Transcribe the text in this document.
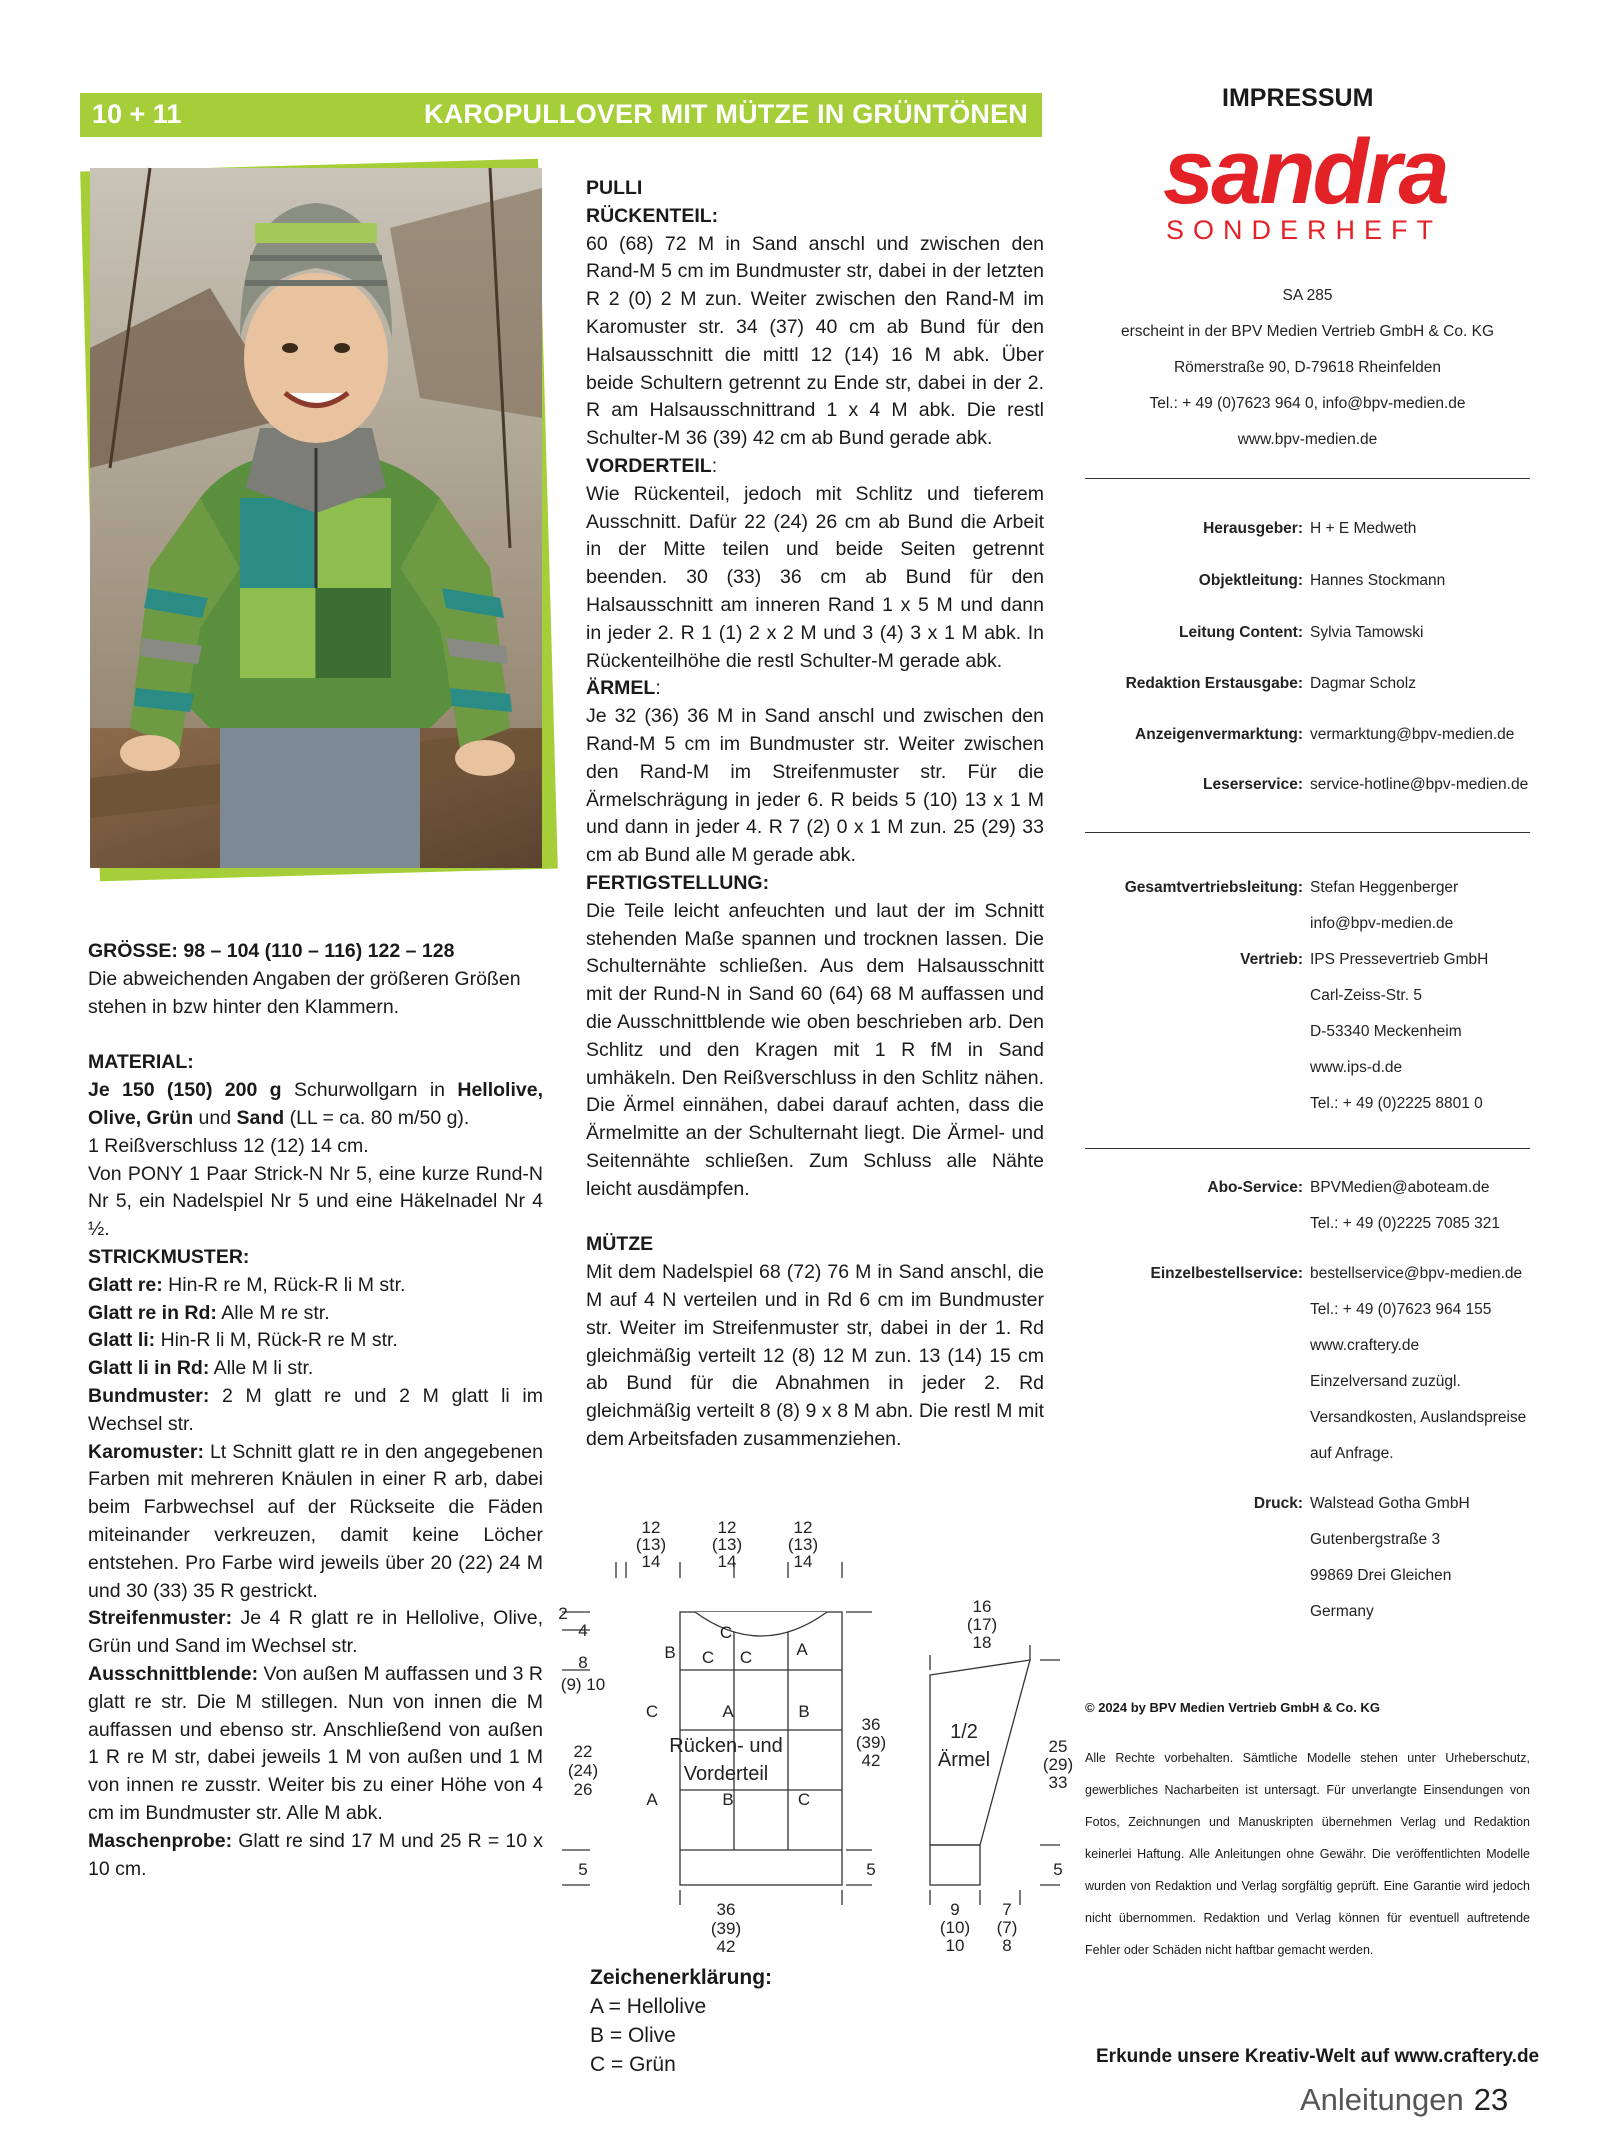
10 + 11	KAROPULLOVER MIT MÜTZE IN GRÜNTÖNEN

GRÖSSE: 98 – 104 (110 – 116) 122 – 128

Die abweichenden Angaben der größeren Größen stehen in bzw hinter den Klammern.

MATERIAL:

Je 150 (150) 200 g Schurwollgarn in Hellolive, Olive, Grün und Sand (LL = ca. 80 m/50 g).

1 Reißverschluss 12 (12) 14 cm.

Von PONY 1 Paar Strick-N Nr 5, eine kurze Rund-N Nr 5, ein Nadelspiel Nr 5 und eine Häkelnadel Nr 4 ½.

STRICKMUSTER:

Glatt re: Hin-R re M, Rück-R li M str.

Glatt re in Rd: Alle M re str.

Glatt li: Hin-R li M, Rück-R re M str.

Glatt li in Rd: Alle M li str.

Bundmuster: 2 M glatt re und 2 M glatt li im Wechsel str.

Karomuster: Lt Schnitt glatt re in den angegebenen Farben mit mehreren Knäulen in einer R arb, dabei beim Farbwechsel auf der Rückseite die Fäden miteinander verkreuzen, damit keine Löcher entstehen. Pro Farbe wird jeweils über 20 (22) 24 M und 30 (33) 35 R gestrickt.

Streifenmuster: Je 4 R glatt re in Hellolive, Olive, Grün und Sand im Wechsel str.

Ausschnittblende: Von außen M auffassen und 3 R glatt re str. Die M stillegen. Nun von innen die M auffassen und ebenso str. Anschließend von außen 1 R re M str, dabei jeweils 1 M von außen und 1 M von innen re zusstr. Weiter bis zu einer Höhe von 4 cm im Bundmuster str. Alle M abk.

Maschenprobe: Glatt re sind 17 M und 25 R = 10 x 10 cm.

PULLI

RÜCKENTEIL:

60 (68) 72 M in Sand anschl und zwischen den Rand-M 5 cm im Bundmuster str, dabei in der letzten R 2 (0) 2 M zun. Weiter zwischen den Rand-M im Karomuster str. 34 (37) 40 cm ab Bund für den Halsausschnitt die mittl 12 (14) 16 M abk. Über beide Schultern getrennt zu Ende str, dabei in der 2. R am Halsausschnittrand 1 x 4 M abk. Die restl Schulter-M 36 (39) 42 cm ab Bund gerade abk.

VORDERTEIL:

Wie Rückenteil, jedoch mit Schlitz und tieferem Ausschnitt. Dafür 22 (24) 26 cm ab Bund die Arbeit in der Mitte teilen und beide Seiten getrennt beenden. 30 (33) 36 cm ab Bund für den Halsausschnitt am inneren Rand 1 x 5 M und dann in jeder 2. R 1 (1) 2 x 2 M und 3 (4) 3 x 1 M abk. In Rückenteilhöhe die restl Schulter-M gerade abk.

ÄRMEL:

Je 32 (36) 36 M in Sand anschl und zwischen den Rand-M 5 cm im Bundmuster str. Weiter zwischen den Rand-M im Streifenmuster str. Für die Ärmelschrägung in jeder 6. R beids 5 (10) 13 x 1 M und dann in jeder 4. R 7 (2) 0 x 1 M zun. 25 (29) 33 cm ab Bund alle M gerade abk.

FERTIGSTELLUNG:

Die Teile leicht anfeuchten und laut der im Schnitt stehenden Maße spannen und trocknen lassen. Die Schulternähte schließen. Aus dem Halsausschnitt mit der Rund-N in Sand 60 (64) 68 M auffassen und die Ausschnittblende wie oben beschrieben arb. Den Schlitz und den Kragen mit 1 R fM in Sand umhäkeln. Den Reißverschluss in den Schlitz nähen. Die Ärmel einnähen, dabei darauf achten, dass die Ärmelmitte an der Schulternaht liegt. Die Ärmel- und Seitennähte schließen. Zum Schluss alle Nähte leicht ausdämpfen.

MÜTZE

Mit dem Nadelspiel 68 (72) 76 M in Sand anschl, die M auf 4 N verteilen und in Rd 6 cm im Bundmuster str. Weiter im Streifenmuster str, dabei in der 1. Rd gleichmäßig verteilt 12 (8) 12 M zun. 13 (14) 15 cm ab Bund für die Abnahmen in jeder 2. Rd gleichmäßig verteilt 8 (8) 9 x 8 M abn. Die restl M mit dem Arbeitsfaden zusammenziehen.

12
(13)
14
12
(13)
14
12
(13)
14
2
4
8
(9) 10
22
(24)
26
5
36
(39)
42
5
36
(39)
42
B
C
C C	A
C	A	B
A	B	C
Rücken- und
Vorderteil
16
(17)
18
1/2
Ärmel
25
(29)
33
5
9
(10)
10
7
(7)
8
Zeichenerklärung:
A = Hellolive
B = Olive
C = Grün
IMPRESSUM
sandra
SONDERHEFT
SA 285
erscheint in der BPV Medien Vertrieb GmbH & Co. KG
Römerstraße 90, D-79618 Rheinfelden
Tel.: + 49 (0)7623 964 0, info@bpv-medien.de
www.bpv-medien.de
Herausgeber: H + E Medweth
Objektleitung: Hannes Stockmann
Leitung Content: Sylvia Tamowski
Redaktion Erstausgabe: Dagmar Scholz
Anzeigenvermarktung: vermarktung@bpv-medien.de
Leserservice: service-hotline@bpv-medien.de
Gesamtvertriebsleitung: Stefan Heggenberger
info@bpv-medien.de
Vertrieb: IPS Pressevertrieb GmbH
Carl-Zeiss-Str. 5
D-53340 Meckenheim
www.ips-d.de
Tel.: + 49 (0)2225 8801 0
Abo-Service: BPVMedien@aboteam.de
Tel.: + 49 (0)2225 7085 321
Einzelbestellservice: bestellservice@bpv-medien.de
Tel.: + 49 (0)7623 964 155
www.craftery.de
Einzelversand zuzügl.
Versandkosten, Auslandspreise
auf Anfrage.
Druck: Walstead Gotha GmbH
Gutenbergstraße 3
99869 Drei Gleichen
Germany
© 2024 by BPV Medien Vertrieb GmbH & Co. KG
Alle Rechte vorbehalten. Sämtliche Modelle stehen unter Urheberschutz, gewerbliches Nacharbeiten ist untersagt. Für unverlangte Einsendungen von Fotos, Zeichnungen und Manuskripten übernehmen Verlag und Redaktion keinerlei Haftung. Alle Anleitungen ohne Gewähr. Die veröffentlichten Modelle wurden von Redaktion und Verlag sorgfältig geprüft. Eine Garantie wird jedoch nicht übernommen. Redaktion und Verlag können für eventuell auftretende Fehler oder Schäden nicht haftbar gemacht werden.
Erkunde unsere Kreativ-Welt auf www.craftery.de
Anleitungen 23
